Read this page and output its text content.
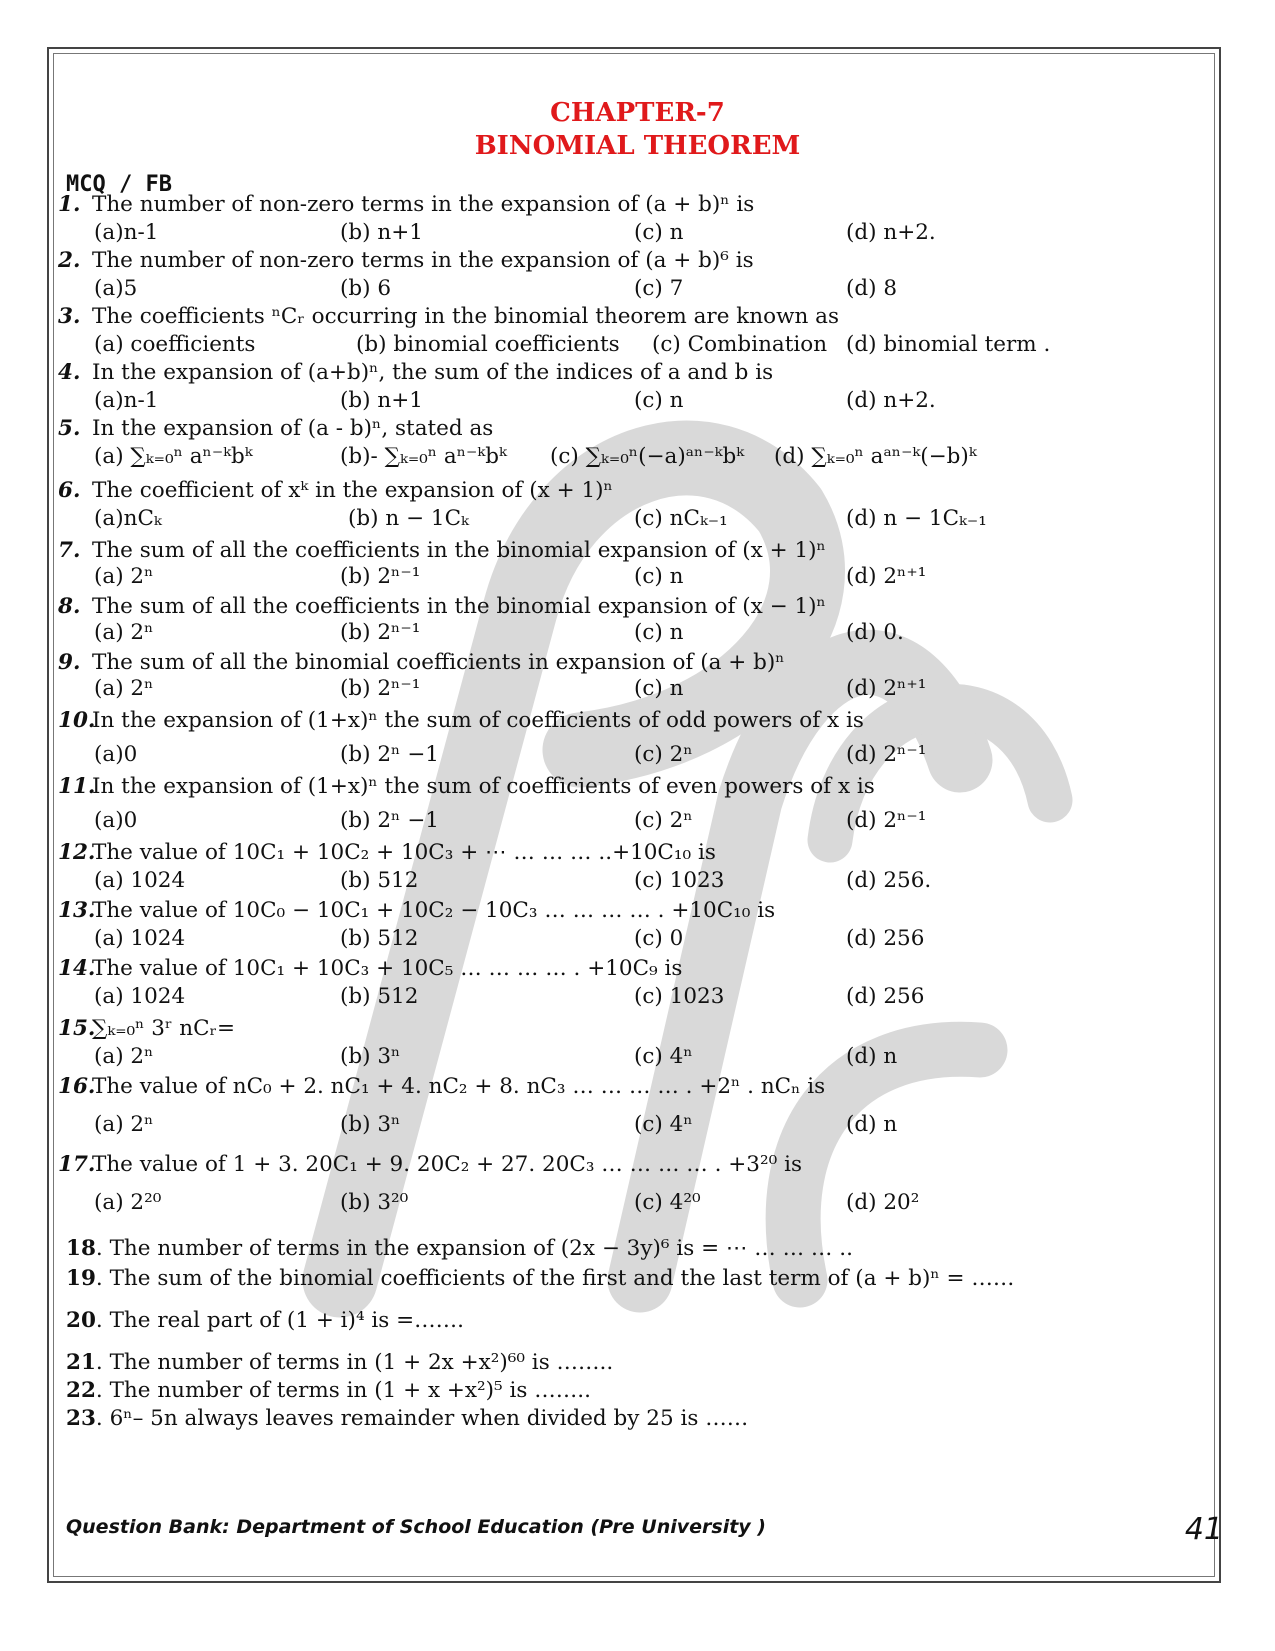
CHAPTER-7
BINOMIAL THEOREM
MCQ / FB
1. The number of non-zero terms in the expansion of (a + b)ⁿ is
(a)n-1	(b) n+1	(c) n	(d) n+2.
2. The number of non-zero terms in the expansion of (a + b)⁶ is
(a)5	(b) 6	(c) 7	(d) 8
3. The coefficients ⁿCᵣ occurring in the binomial theorem are known as
(a) coefficients	(b) binomial coefficients (c) Combination (d) binomial term .
4. In the expansion of (a+b)ⁿ, the sum of the indices of a and b is
(a)n-1	(b) n+1	(c) n	(d) n+2.
5. In the expansion of (a - b)ⁿ, stated as
(a) ∑ₖ₌₀ⁿ aⁿ⁻ᵏbᵏ	(b)- ∑ₖ₌₀ⁿ aⁿ⁻ᵏbᵏ (c) ∑ₖ₌₀ⁿ(−a)ᵃⁿ⁻ᵏbᵏ (d) ∑ₖ₌₀ⁿ aᵃⁿ⁻ᵏ(−b)ᵏ
6. The coefficient of xᵏ in the expansion of (x + 1)ⁿ
(a)nCₖ	(b) n − 1Cₖ	(c) nCₖ₋₁	(d) n − 1Cₖ₋₁
7. The sum of all the coefficients in the binomial expansion of (x + 1)ⁿ
(a) 2ⁿ	(b) 2ⁿ⁻¹	(c) n	(d) 2ⁿ⁺¹
8. The sum of all the coefficients in the binomial expansion of (x − 1)ⁿ
(a) 2ⁿ	(b) 2ⁿ⁻¹	(c) n	(d) 0.
9. The sum of all the binomial coefficients in expansion of (a + b)ⁿ
(a) 2ⁿ	(b) 2ⁿ⁻¹	(c) n	(d) 2ⁿ⁺¹
10.In the expansion of (1+x)ⁿ the sum of coefficients of odd powers of x is
(a)0	(b) 2ⁿ −1	(c) 2ⁿ	(d) 2ⁿ⁻¹
11.In the expansion of (1+x)ⁿ the sum of coefficients of even powers of x is
(a)0	(b) 2ⁿ −1	(c) 2ⁿ	(d) 2ⁿ⁻¹
12.The value of 10C₁ + 10C₂ + 10C₃ + ⋯ … … … ..+10C₁₀ is
(a) 1024	(b) 512	(c) 1023	(d) 256.
13.The value of 10C₀ − 10C₁ + 10C₂ − 10C₃ … … … … . +10C₁₀ is
(a) 1024	(b) 512	(c) 0	(d) 256
14.The value of 10C₁ + 10C₃ + 10C₅ … … … … . +10C₉ is
(a) 1024	(b) 512	(c) 1023	(d) 256
15.∑ₖ₌₀ⁿ 3ʳ nCᵣ=
(a) 2ⁿ	(b) 3ⁿ	(c) 4ⁿ	(d) n
16.The value of nC₀ + 2. nC₁ + 4. nC₂ + 8. nC₃ … … … … . +2ⁿ . nCₙ is
(a) 2ⁿ	(b) 3ⁿ	(c) 4ⁿ	(d) n
17.The value of 1 + 3. 20C₁ + 9. 20C₂ + 27. 20C₃ … … … … . +3²⁰ is
(a) 2²⁰	(b) 3²⁰	(c) 4²⁰	(d) 20²
18. The number of terms in the expansion of (2x − 3y)⁶ is = ⋯ … … … ..
19. The sum of the binomial coefficients of the first and the last term of (a + b)ⁿ = ……
20. The real part of (1 + i)⁴ is =…….
21. The number of terms in (1 + 2x +x²)⁶⁰ is ……..
22. The number of terms in (1 + x +x²)⁵ is ……..
23. 6ⁿ– 5n always leaves remainder when divided by 25 is ……
Question Bank: Department of School Education (Pre University )	41
